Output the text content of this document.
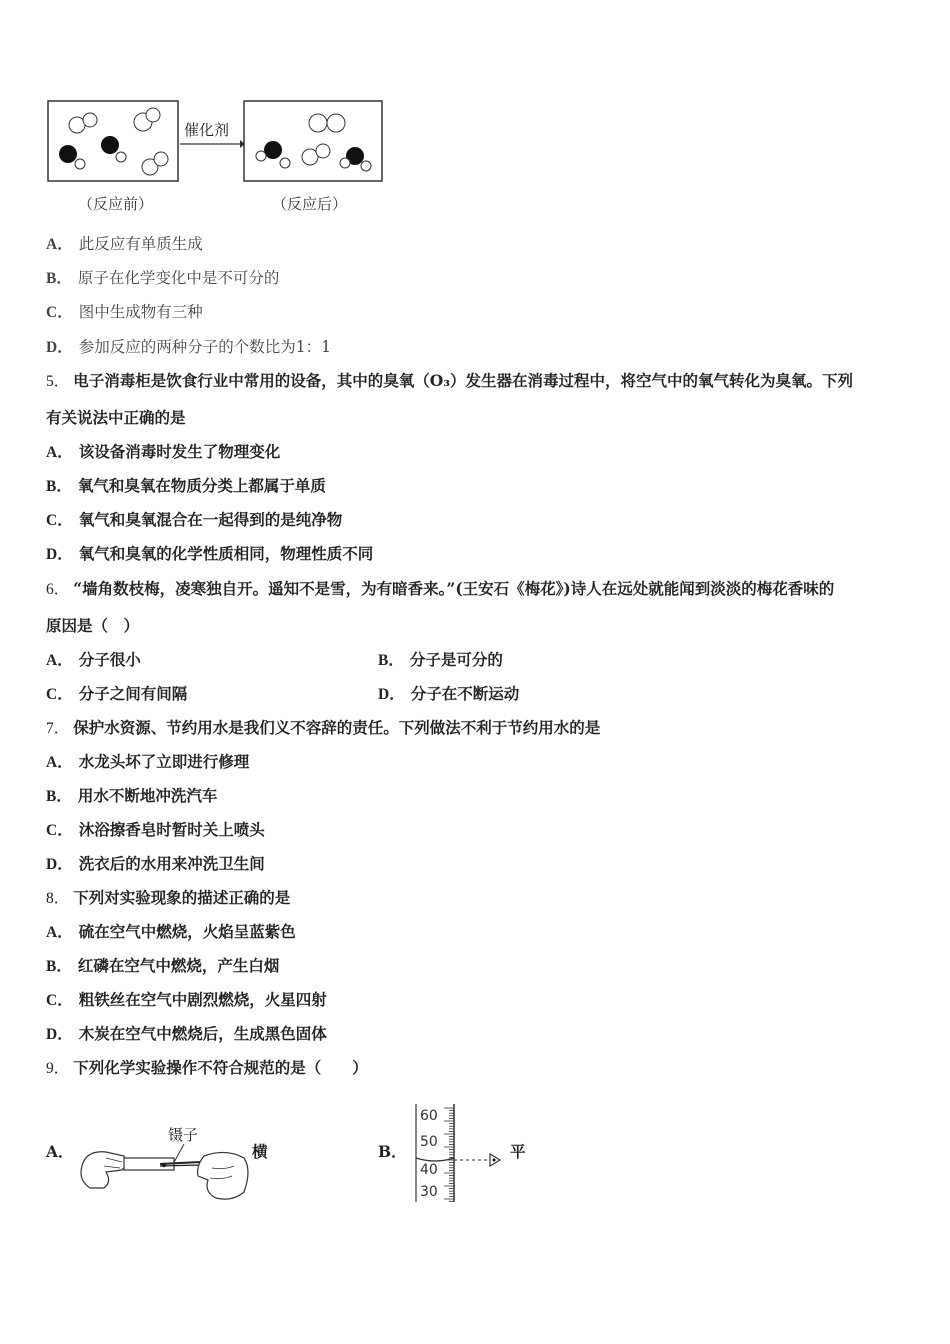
催化剂
（反应前）	（反应后）
A． 此反应有单质生成
B． 原子在化学变化中是不可分的
C． 图中生成物有三种
D． 参加反应的两种分子的个数比为1：1
5． 电子消毒柜是饮食行业中常用的设备，其中的臭氧（O₃）发生器在消毒过程中，将空气中的氧气转化为臭氧。下列
有关说法中正确的是
A． 该设备消毒时发生了物理变化
B． 氧气和臭氧在物质分类上都属于单质
C． 氧气和臭氧混合在一起得到的是纯净物
D． 氧气和臭氧的化学性质相同，物理性质不同
6． “墙角数枝梅，凌寒独自开。遥知不是雪，为有暗香来。”(王安石《梅花》)诗人在远处就能闻到淡淡的梅花香味的
原因是（　）
A． 分子很小	B． 分子是可分的
C． 分子之间有间隔	D． 分子在不断运动
7． 保护水资源、节约用水是我们义不容辞的责任。下列做法不利于节约用水的是
A． 水龙头坏了立即进行修理
B． 用水不断地冲洗汽车
C． 沐浴擦香皂时暂时关上喷头
D． 洗衣后的水用来冲洗卫生间
8． 下列对实验现象的描述正确的是
A． 硫在空气中燃烧，火焰呈蓝紫色
B． 红磷在空气中燃烧，产生白烟
C． 粗铁丝在空气中剧烈燃烧，火星四射
D． 木炭在空气中燃烧后，生成黑色固体
9． 下列化学实验操作不符合规范的是（　　）
A．
镊子
横	B．
60
50
40
30
平
